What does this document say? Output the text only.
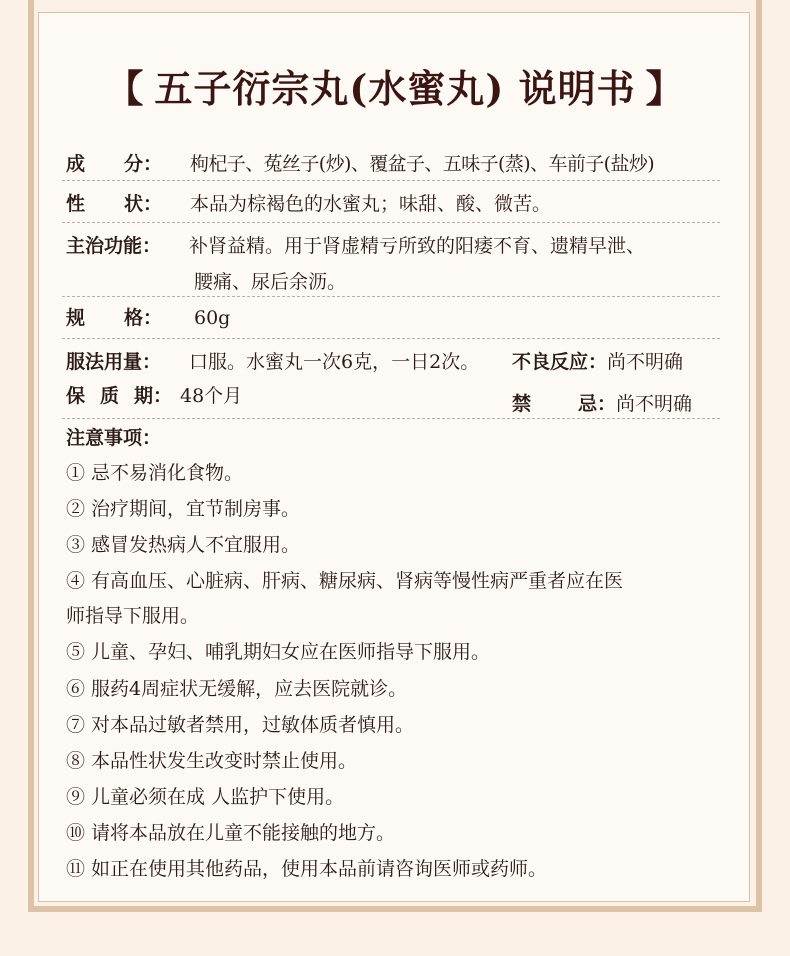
【 五子衍宗丸(水蜜丸) 说明书 】
成 分： 枸杞子、菟丝子(炒)、覆盆子、五味子(蒸)、车前子(盐炒)
性 状： 本品为棕褐色的水蜜丸；味甜、酸、微苦。
主治功能： 补肾益精。用于肾虚精亏所致的阳痿不育、遗精早泄、
腰痛、尿后余沥。
规 格： 60g
服法用量： 口服。水蜜丸一次6克，一日2次。 不良反应：尚不明确
保 质 期： 48个月	禁 忌： 尚不明确
注意事项：
① 忌不易消化食物。
② 治疗期间，宜节制房事。
③ 感冒发热病人不宜服用。
④ 有高血压、心脏病、肝病、糖尿病、肾病等慢性病严重者应在医
师指导下服用。
⑤ 儿童、孕妇、哺乳期妇女应在医师指导下服用。
⑥ 服药4周症状无缓解，应去医院就诊。
⑦ 对本品过敏者禁用，过敏体质者慎用。
⑧ 本品性状发生改变时禁止使用。
⑨ 儿童必须在成 人监护下使用。
⑩ 请将本品放在儿童不能接触的地方。
⑪ 如正在使用其他药品，使用本品前请咨询医师或药师。
